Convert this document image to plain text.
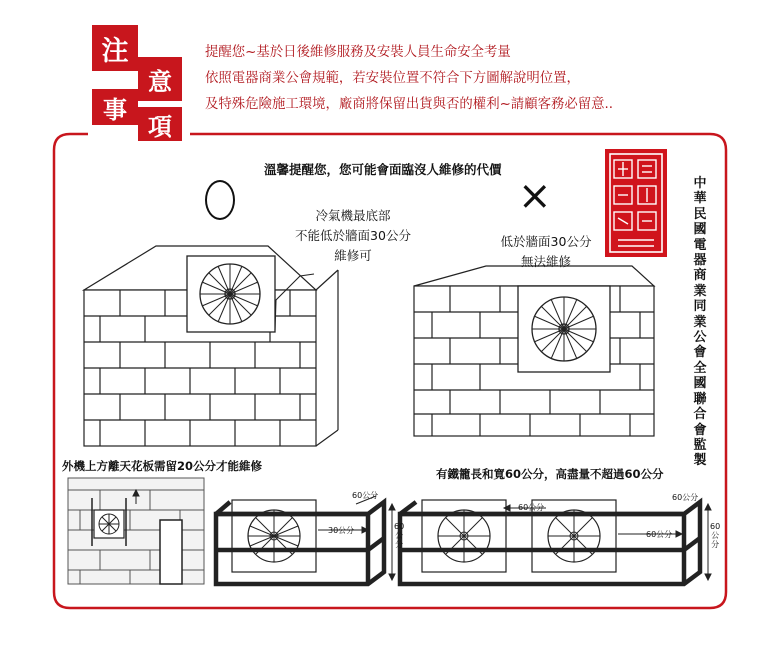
注
意
事
項
提醒您~基於日後維修服務及安裝人員生命安全考量
依照電器商業公會規範，若安裝位置不符合下方圖解說明位置，
及特殊危險施工環境，廠商將保留出貨與否的權利~請顧客務必留意..
溫馨提醒您，您可能會面臨沒人維修的代價
×
冷氣機最底部
不能低於牆面30公分
維修可
低於牆面30公分
無法維修
外機上方離天花板需留20公分才能維修
有鐵籠長和寬60公分，高盡量不超過60公分
60公分
30公分	60
公
分
60公分
60公分
60公分
60
公
分
中
華
民
國
電
器
商
業
同
業
公
會
全
國
聯
合
會
監
製
